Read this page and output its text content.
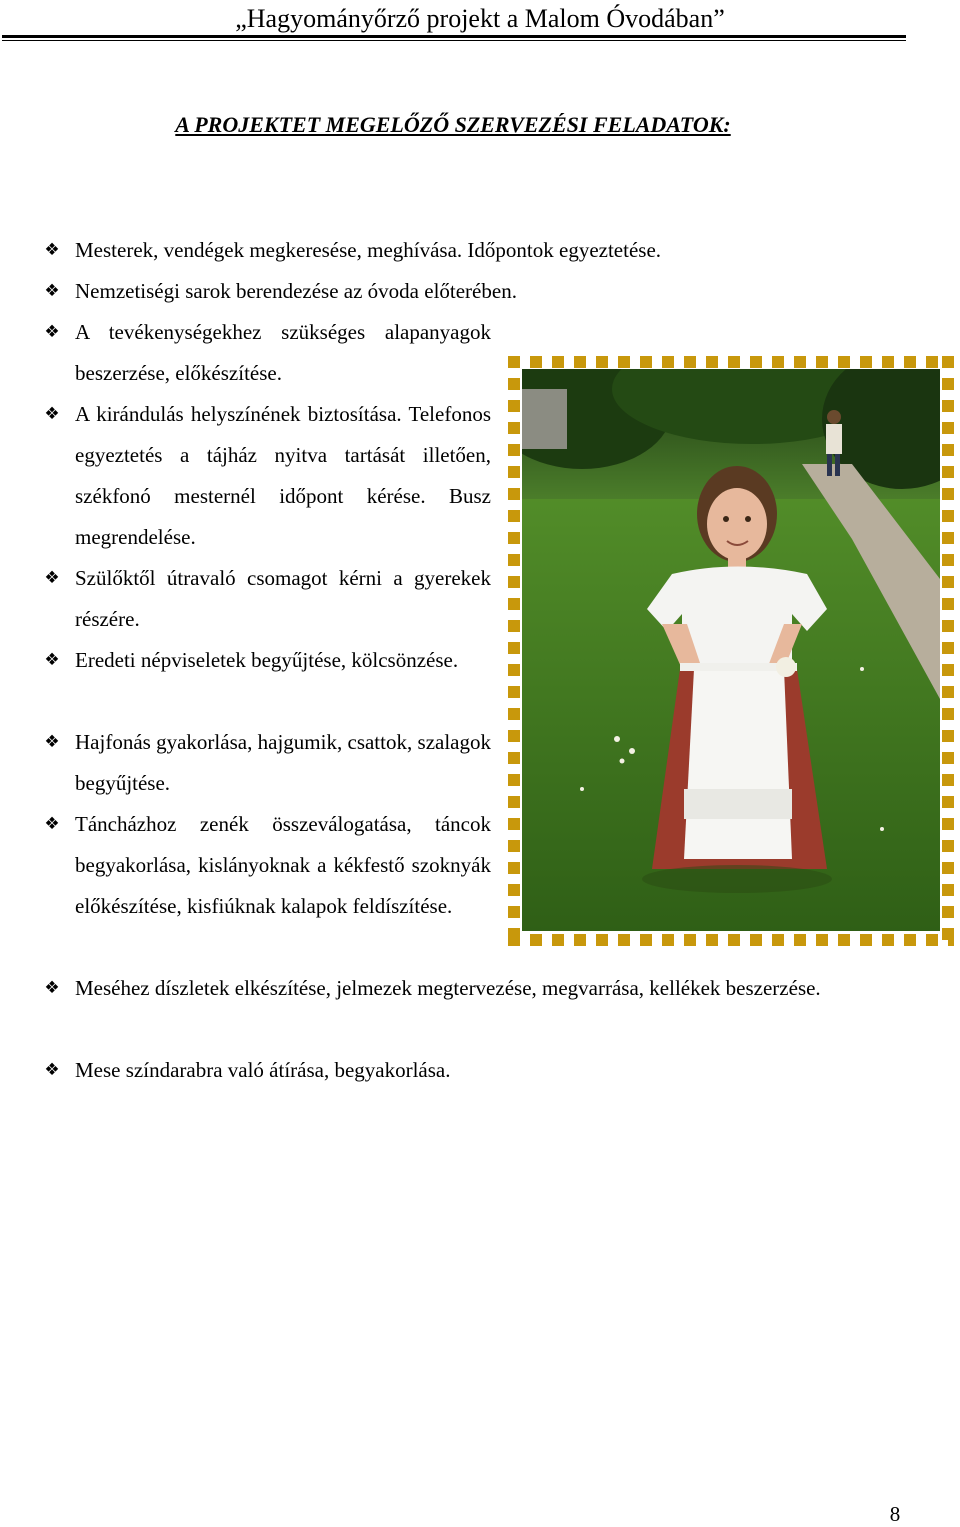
„Hagyományőrző projekt a Malom Óvodában”
A PROJEKTET MEGELŐZŐ SZERVEZÉSI FELADATOK:
❖ Mesterek, vendégek megkeresése, meghívása. Időpontok egyeztetése.
❖ Nemzetiségi sarok berendezése az óvoda előterében.
❖ A tevékenységekhez szükséges alapanyagok beszerzése, előkészítése.
❖ A kirándulás helyszínének biztosítása. Telefonos egyeztetés a tájház nyitva tartását illetően, székfonó mesternél időpont kérése. Busz megrendelése.
❖ Szülőktől útravaló csomagot kérni a gyerekek részére.
❖ Eredeti népviseletek begyűjtése, kölcsönzése.
❖ Hajfonás gyakorlása, hajgumik, csattok, szalagok begyűjtése.
❖ Táncházhoz zenék összeválogatása, táncok begyakorlása, kislányoknak a kékfestő szoknyák előkészítése, kisfiúknak kalapok feldíszítése.
❖ Meséhez díszletek elkészítése, jelmezek megtervezése, megvarrása, kellékek beszerzése.
❖ Mese színdarabra való átírása, begyakorlása.
8
